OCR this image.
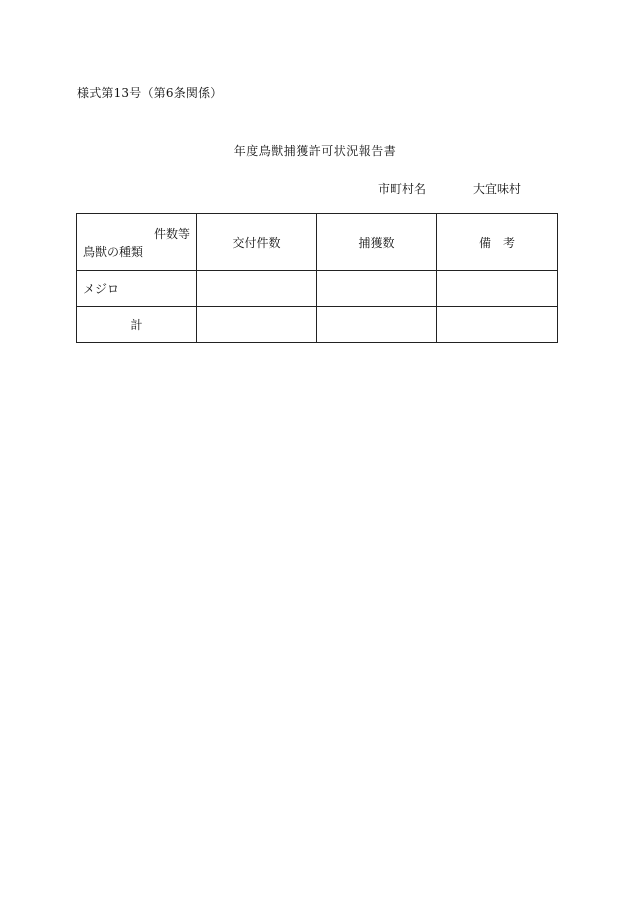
様式第13号（第6条関係）
年度鳥獣捕獲許可状況報告書
市町村名	大宜味村
件数等
鳥獣の種類	交付件数	捕獲数	備　考
メジロ			
計			
